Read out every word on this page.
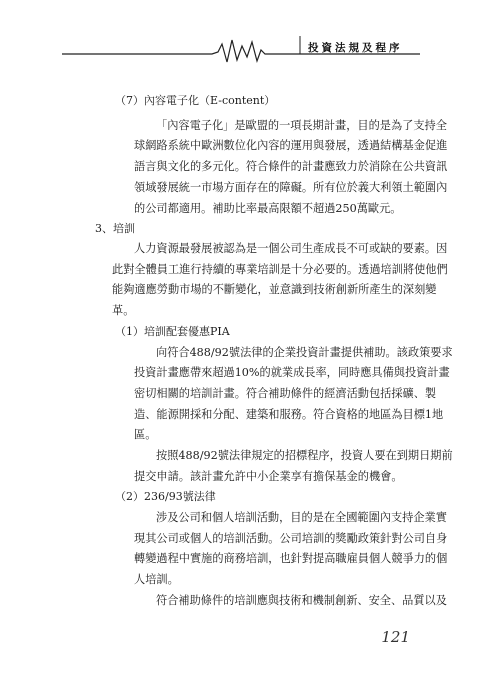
投資法規及程序
（7）內容電子化（E-content）
「內容電子化」是歐盟的一項長期計畫，目的是為了支持全
球網路系統中歐洲數位化內容的運用與發展，透過結構基金促進
語言與文化的多元化。符合條件的計畫應致力於消除在公共資訊
領域發展統一市場方面存在的障礙。所有位於義大利領土範圍內
的公司都適用。補助比率最高限額不超過250萬歐元。
3、培訓
人力資源最發展被認為是一個公司生產成長不可或缺的要素。因
此對全體員工進行持續的專業培訓是十分必要的。透過培訓將使他們
能夠適應勞動市場的不斷變化，並意識到技術創新所產生的深刻變
革。
（1）培訓配套優惠PIA
向符合488/92號法律的企業投資計畫提供補助。該政策要求
投資計畫應帶來超過10%的就業成長率，同時應具備與投資計畫
密切相關的培訓計畫。符合補助條件的經濟活動包括採礦、製
造、能源開採和分配、建築和服務。符合資格的地區為目標1地
區。
按照488/92號法律規定的招標程序，投資人要在到期日期前
提交申請。該計畫允許中小企業享有擔保基金的機會。
（2）236/93號法律
涉及公司和個人培訓活動，目的是在全國範圍內支持企業實
現其公司或個人的培訓活動。公司培訓的獎勵政策針對公司自身
轉變過程中實施的商務培訓，也針對提高職雇員個人競爭力的個
人培訓。
符合補助條件的培訓應與技術和機制創新、安全、品質以及
121
